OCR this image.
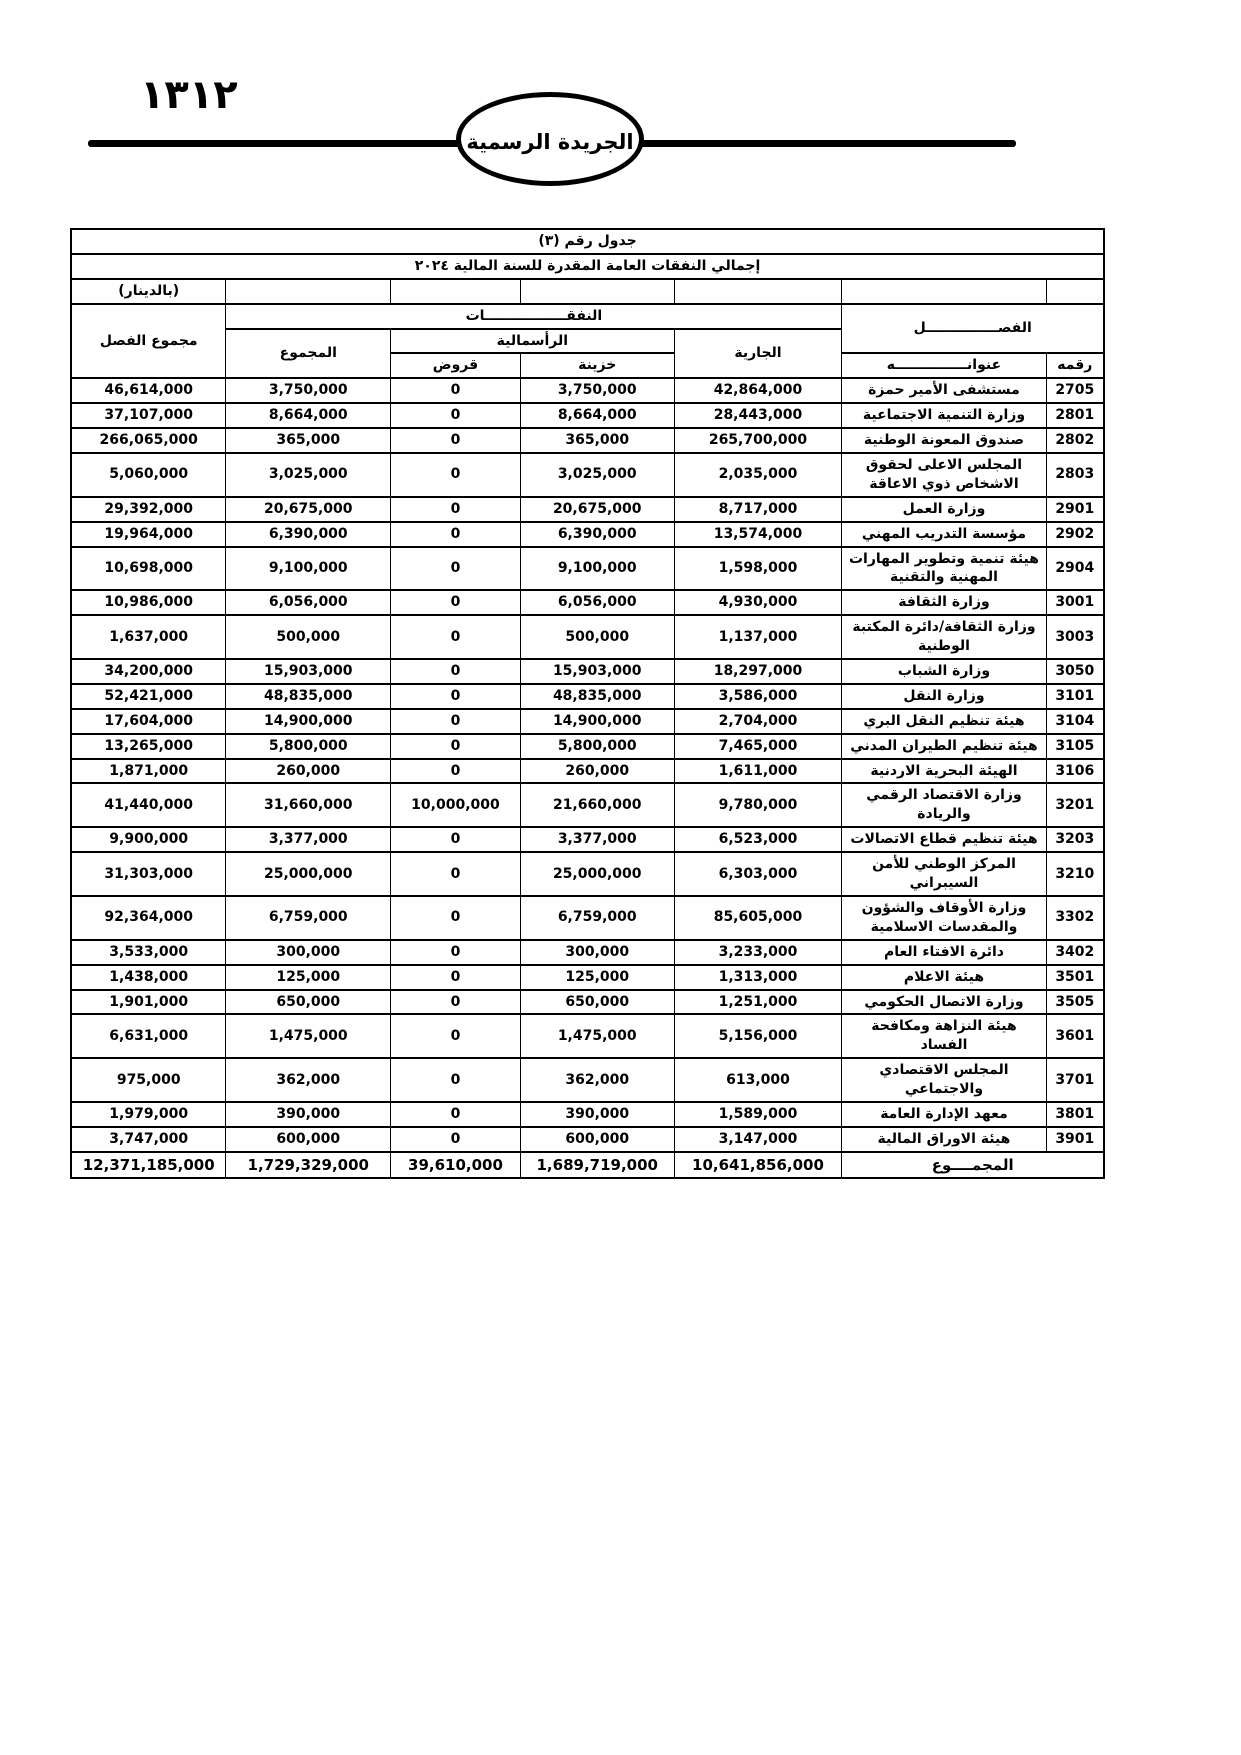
١٣١٢
الجريدة الرسمية
جدول رقم (٣)						
إجمالي النفقات العامة المقدرة للسنة المالية ٢٠٢٤						
						(بالدينار)
الفصـــــــــــــــل		النفقـــــــــــــــــات				مجموع الفصل
		الجارية	الرأسمالية		المجموع	
رقمه	عنوانـــــــــــــــه		خزينة	قروض		
2705	مستشفى الأمير حمزة	42,864,000	3,750,000	0	3,750,000	46,614,000
2801	وزارة التنمية الاجتماعية	28,443,000	8,664,000	0	8,664,000	37,107,000
2802	صندوق المعونة الوطنية	265,700,000	365,000	0	365,000	266,065,000
2803	المجلس الاعلى لحقوق الاشخاص ذوي الاعاقة	2,035,000	3,025,000	0	3,025,000	5,060,000
2901	وزارة العمل	8,717,000	20,675,000	0	20,675,000	29,392,000
2902	مؤسسة التدريب المهني	13,574,000	6,390,000	0	6,390,000	19,964,000
2904	هيئة تنمية وتطوير المهارات المهنية والتقنية	1,598,000	9,100,000	0	9,100,000	10,698,000
3001	وزارة الثقافة	4,930,000	6,056,000	0	6,056,000	10,986,000
3003	وزارة الثقافة/دائرة المكتبة الوطنية	1,137,000	500,000	0	500,000	1,637,000
3050	وزارة الشباب	18,297,000	15,903,000	0	15,903,000	34,200,000
3101	وزارة النقل	3,586,000	48,835,000	0	48,835,000	52,421,000
3104	هيئة تنظيم النقل البري	2,704,000	14,900,000	0	14,900,000	17,604,000
3105	هيئة تنظيم الطيران المدني	7,465,000	5,800,000	0	5,800,000	13,265,000
3106	الهيئة البحرية الاردنية	1,611,000	260,000	0	260,000	1,871,000
3201	وزارة الاقتصاد الرقمي والريادة	9,780,000	21,660,000	10,000,000	31,660,000	41,440,000
3203	هيئة تنظيم قطاع الاتصالات	6,523,000	3,377,000	0	3,377,000	9,900,000
3210	المركز الوطني للأمن السيبراني	6,303,000	25,000,000	0	25,000,000	31,303,000
3302	وزارة الأوقاف والشؤون والمقدسات الاسلامية	85,605,000	6,759,000	0	6,759,000	92,364,000
3402	دائرة الافتاء العام	3,233,000	300,000	0	300,000	3,533,000
3501	هيئة الاعلام	1,313,000	125,000	0	125,000	1,438,000
3505	وزارة الاتصال الحكومي	1,251,000	650,000	0	650,000	1,901,000
3601	هيئة النزاهة ومكافحة الفساد	5,156,000	1,475,000	0	1,475,000	6,631,000
3701	المجلس الاقتصادي والاجتماعي	613,000	362,000	0	362,000	975,000
3801	معهد الإدارة العامة	1,589,000	390,000	0	390,000	1,979,000
3901	هيئة الاوراق المالية	3,147,000	600,000	0	600,000	3,747,000
المجمــــوع		10,641,856,000	1,689,719,000	39,610,000	1,729,329,000	12,371,185,000
